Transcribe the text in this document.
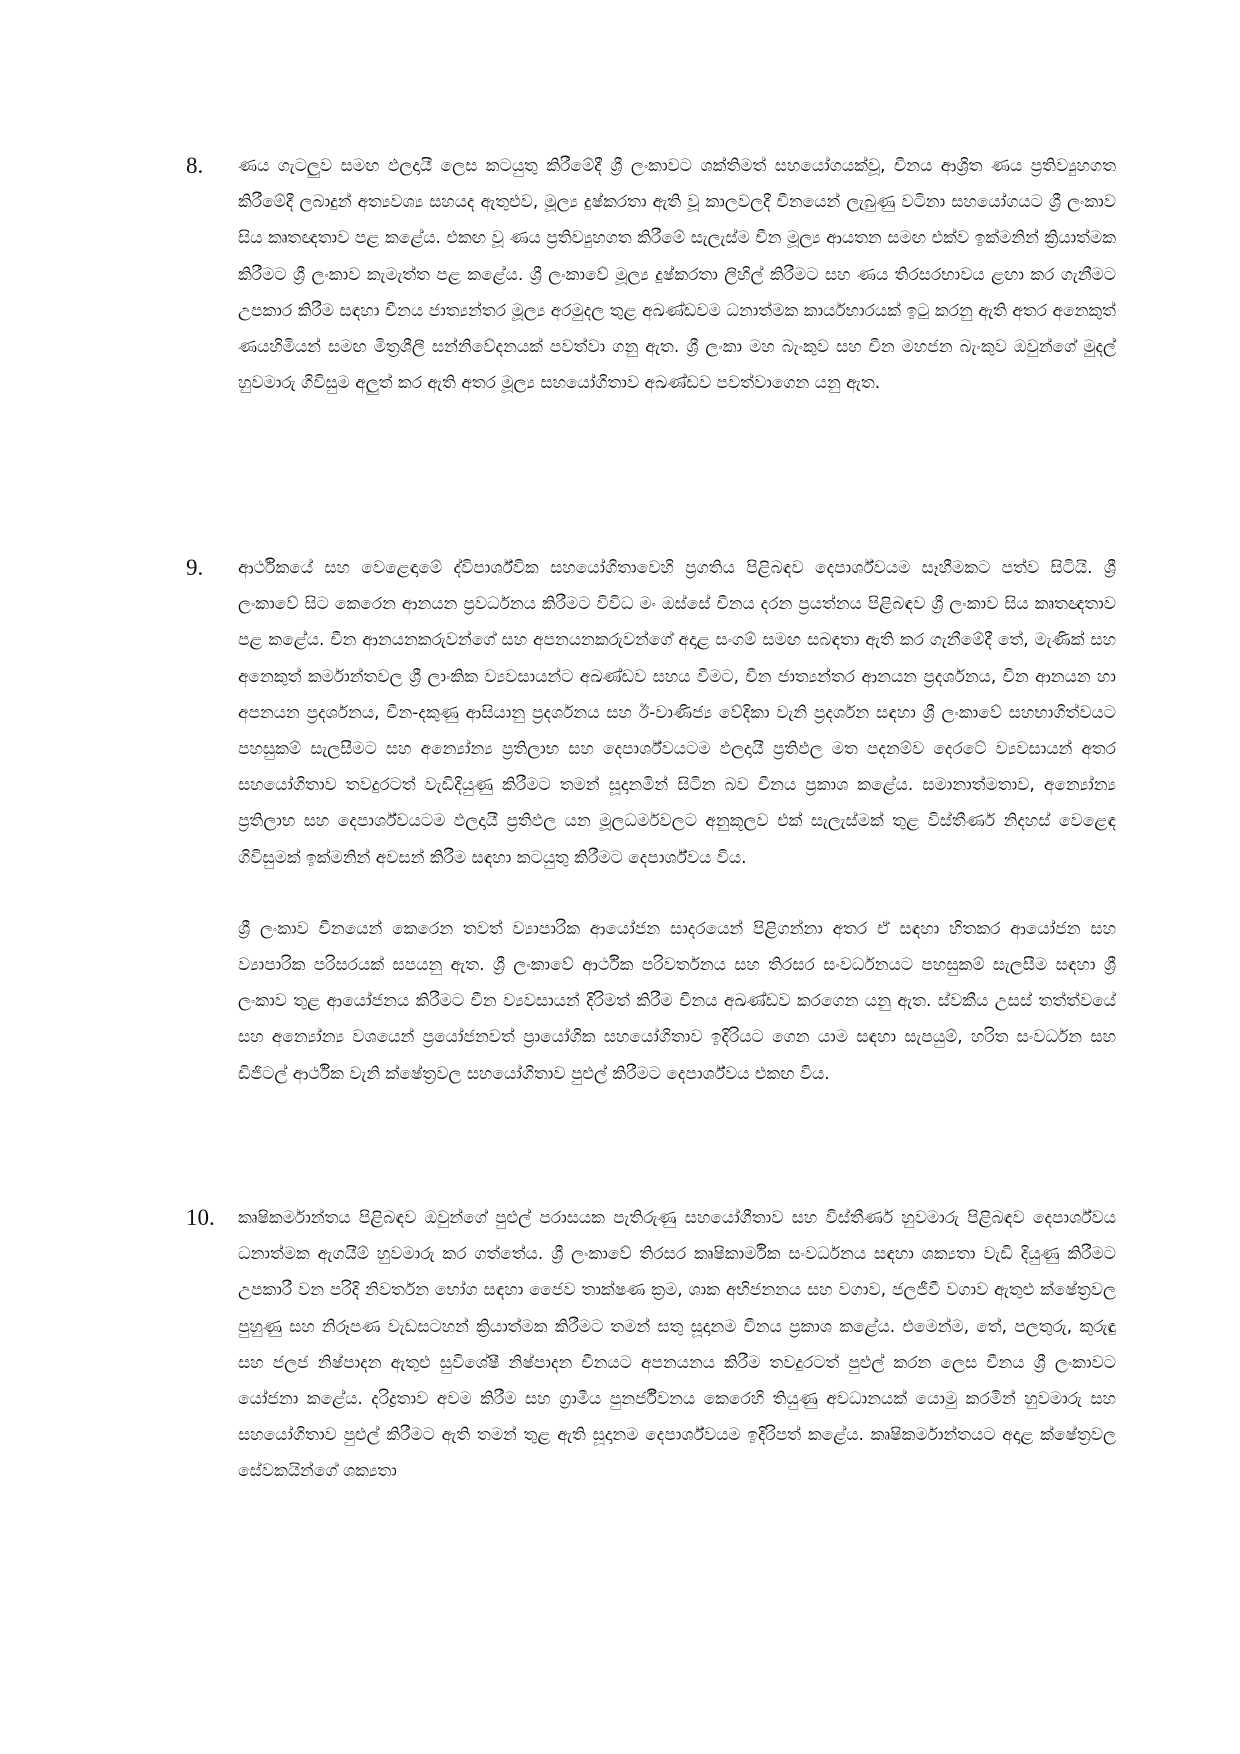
8. ණය ගැටලුව සමඟ ඵලදායී ලෙස කටයුතු කිරීමේදී ශ්‍රී ලංකාවට ශක්තිමත් සහයෝගයක්වූ, චීනය ආශ්‍රිත ණය ප්‍රතිව්‍යුහගත කිරීමේදී ලබාදුන් අත්‍යවශ්‍ය සහයද ඇතුළුව, මූල්‍ය දුෂ්කරතා ඇති වූ කාලවලදී චීනයෙන් ලැබුණු වටිනා සහයෝගයට ශ්‍රී ලංකාව සිය කෘතඥතාව පළ කළේය. එකඟ වූ ණය ප්‍රතිව්‍යුහගත කිරීමේ සැලැස්ම චීන මූල්‍ය ආයතන සමඟ එක්ව ඉක්මනින් ක්‍රියාත්මක කිරීමට ශ්‍රී ලංකාව කැමැත්ත පළ කළේය. ශ්‍රී ලංකාවේ මූල්‍ය දුෂ්කරතා ලිහිල් කිරීමට සහ ණය තිරසරභාවය ළඟා කර ගැනීමට උපකාර කිරීම සඳහා චීනය ජාත්‍යන්තර මූල්‍ය අරමුදල තුළ අඛණ්ඩවම ධනාත්මක කාර්යභාරයක් ඉටු කරනු ඇති අතර අනෙකුත් ණයහිමියන් සමඟ මිත්‍රශීලී සන්නිවේදනයක් පවත්වා ගනු ඇත. ශ්‍රී ලංකා මහ බැංකුව සහ චීන මහජන බැංකුව ඔවුන්ගේ මුදල් හුවමාරු ගිවිසුම අලුත් කර ඇති අතර මූල්‍ය සහයෝගිතාව අඛණ්ඩව පවත්වාගෙන යනු ඇත.

9. ආර්ථිකයේ සහ වෙළෙඳාමේ ද්විපාර්ශ්වික සහයෝගිතාවෙහි ප්‍රගතිය පිළිබඳව දෙපාර්ශ්වයම සෑහීමකට පත්ව සිටියි. ශ්‍රී ලංකාවේ සිට කෙරෙන ආනයන ප්‍රවර්ධනය කිරීමට විවිධ මං ඔස්සේ චීනය දරන ප්‍රයත්නය පිළිබඳව ශ්‍රී ලංකාව සිය කෘතඥතාව පළ කළේය. චීන ආනයනකරුවන්ගේ සහ අපනයනකරුවන්ගේ අදාළ සංගම් සමඟ සබඳතා ඇති කර ගැනීමේදී තේ, මැණික් සහ අනෙකුත් කර්මාන්තවල ශ්‍රී ලාංකික ව්‍යවසායන්ට අඛණ්ඩව සහය වීමට, චීන ජාත්‍යන්තර ආනයන ප්‍රදර්ශනය, චීන ආනයන හා අපනයන ප්‍රදර්ශනය, චීන-දකුණු ආසියානු ප්‍රදර්ශනය සහ ඊ-වාණිජ්‍ය වේදිකා වැනි ප්‍රදර්ශන සඳහා ශ්‍රී ලංකාවේ සහභාගිත්වයට පහසුකම් සැලසීමට සහ අන්‍යෝන්‍ය ප්‍රතිලාභ සහ දෙපාර්ශ්වයටම ඵලදායී ප්‍රතිඵල මත පදනම්ව දෙරටේ ව්‍යවසායන් අතර සහයෝගිතාව තවදුරටත් වැඩිදියුණු කිරීමට තමන් සූදානමින් සිටින බව චීනය ප්‍රකාශ කළේය. සමානාත්මතාව, අන්‍යෝන්‍ය ප්‍රතිලාභ සහ දෙපාර්ශ්වයටම ඵලදායී ප්‍රතිඵල යන මූලධර්මවලට අනුකූලව එක් සැලැස්මක් තුළ විස්තීර්ණ නිදහස් වෙළෙඳ ගිවිසුමක් ඉක්මනින් අවසන් කිරීම සඳහා කටයුතු කිරීමට දෙපාර්ශ්වය විය.

ශ්‍රී ලංකාව චීනයෙන් කෙරෙන තවත් ව්‍යාපාරික ආයෝජන සාදරයෙන් පිළිගන්නා අතර ඒ සඳහා හිතකර ආයෝජන සහ ව්‍යාපාරික පරිසරයක් සපයනු ඇත. ශ්‍රී ලංකාවේ ආර්ථික පරිවර්තනය සහ තිරසර සංවර්ධනයට පහසුකම් සැලසීම සඳහා ශ්‍රී ලංකාව තුළ ආයෝජනය කිරීමට චීන ව්‍යවසායන් දිරිමත් කිරීම චීනය අඛණ්ඩව කරගෙන යනු ඇත. ස්වකීය උසස් තත්ත්වයේ සහ අන්‍යෝන්‍ය වශයෙන් ප්‍රයෝජනවත් ප්‍රායෝගික සහයෝගිතාව ඉදිරියට ගෙන යාම සඳහා සැපයුම්, හරිත සංවර්ධන සහ ඩිජිටල් ආර්ථික වැනි ක්ෂේත්‍රවල සහයෝගිතාව පුළුල් කිරීමට දෙපාර්ශ්වය එකඟ විය.

10. කෘෂිකර්මාන්තය පිළිබඳව ඔවුන්ගේ පුළුල් පරාසයක පැතිරුණු සහයෝගීතාව සහ විස්තීර්ණ හුවමාරු පිළිබඳව දෙපාර්ශ්වය ධනාත්මක ඇගයීම් හුවමාරු කර ගත්තේය. ශ්‍රී ලංකාවේ තිරසර කෘෂිකාර්මික සංවර්ධනය සඳහා ශක්‍යතා වැඩි දියුණු කිරීමට උපකාරී වන පරිදි නිවර්තන භෝග සඳහා ජෛව තාක්ෂණ ක්‍රම, ශාක අභිජනනය සහ වගාව, ජලජීවී වගාව ඇතුළු ක්ෂේත්‍රවල පුහුණු සහ නිරූපණ වැඩසටහන් ක්‍රියාත්මක කිරීමට තමන් සතු සූදානම චීනය ප්‍රකාශ කළේය. එමෙන්ම, තේ, පලතුරු, කුරුඳු සහ ජලජ නිෂ්පාදන ඇතුළු සුවිශේෂී නිෂ්පාදන චීනයට අපනයනය කිරීම තවදුරටත් පුළුල් කරන ලෙස චීනය ශ්‍රී ලංකාවට යෝජනා කළේය. දරිද්‍රතාව අවම කිරීම සහ ග්‍රාමීය පුනර්ජීවනය කෙරෙහි තියුණු අවධානයක් යොමු කරමින් හුවමාරු සහ සහයෝගිතාව පුළුල් කිරීමට ඇති තමන් තුළ ඇති සූදානම දෙපාර්ශ්වයම ඉදිරිපත් කළේය. කෘෂිකර්මාන්තයට අදාළ ක්ෂේත්‍රවල සේවකයින්ගේ ශක්‍යතා
